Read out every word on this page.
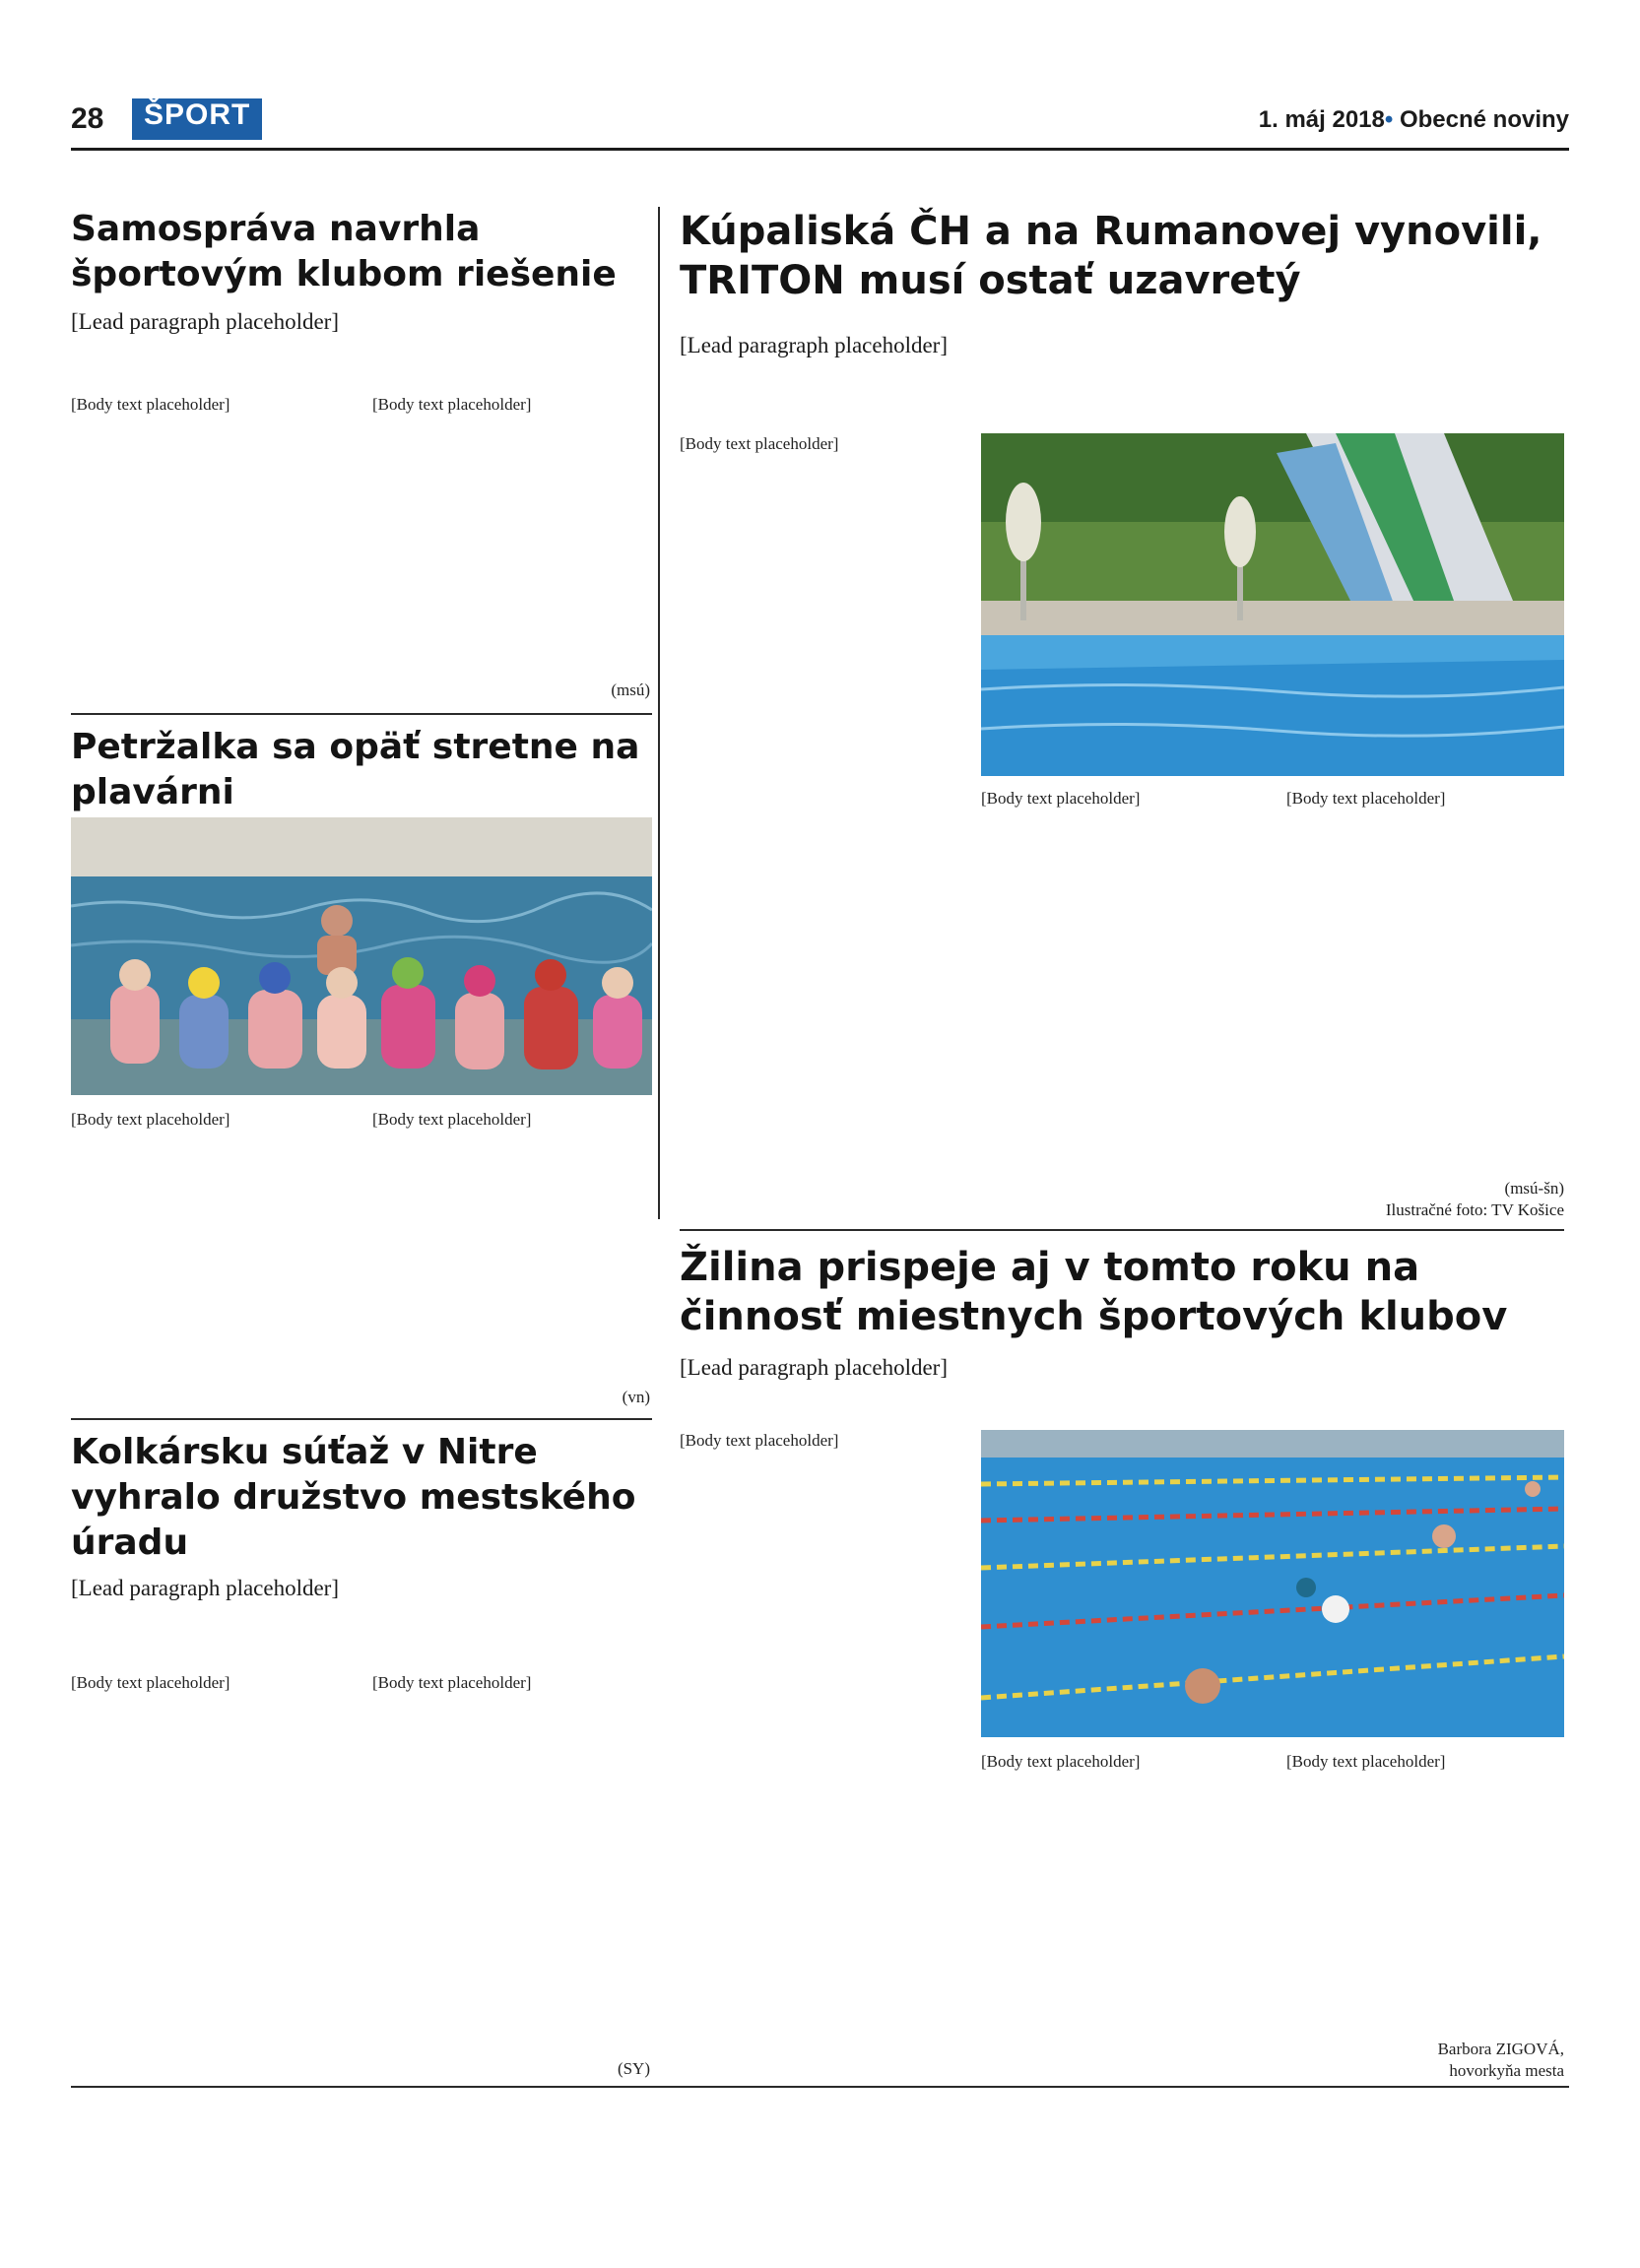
28	ŠPORT	1. máj 2018• Obecné noviny
Samospráva navrhla športovým klubom riešenie

[Lead paragraph placeholder]

[Body text placeholder]	[Body text placeholder]

(msú)

Petržalka sa opäť stretne na plavárni

[Body text placeholder]	[Body text placeholder]

(vn)

Kolkársku súťaž v Nitre vyhralo družstvo mestského úradu

[Lead paragraph placeholder]

[Body text placeholder]	[Body text placeholder]

(SY)

Kúpaliská ČH a na Rumanovej vynovili, TRITON musí ostať uzavretý

[Lead paragraph placeholder]

[Body text placeholder]

[Body text placeholder]	[Body text placeholder]

(msú-šn)

Ilustračné foto: TV Košice

Žilina prispeje aj v tomto roku na činnosť miestnych športových klubov

[Lead paragraph placeholder]

[Body text placeholder]

[Body text placeholder]	[Body text placeholder]

Barbora ZIGOVÁ,

hovorkyňa mesta
